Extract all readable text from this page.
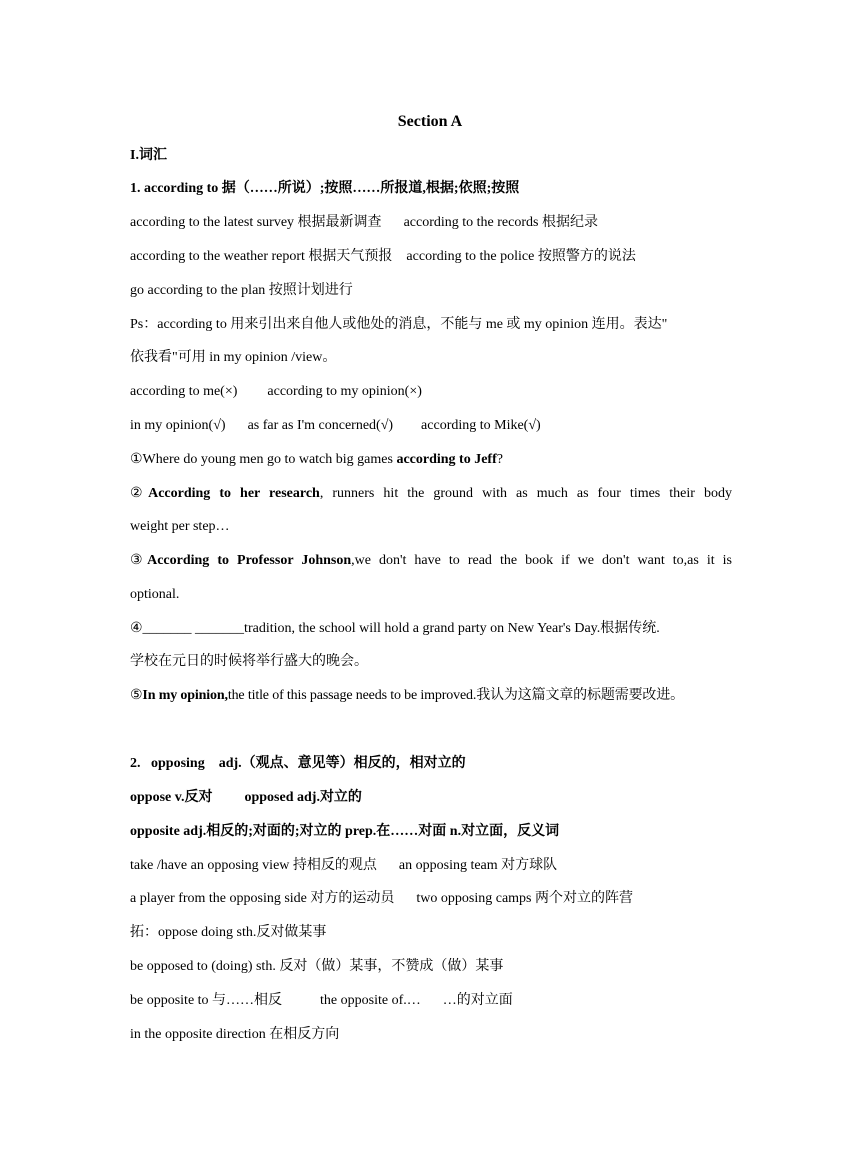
Section A
I.词汇
1. according to 据（……所说）;按照……所报道,根据;依照;按照
according to the latest survey 根据最新调查 according to the records 根据纪录
according to the weather report 根据天气预报 according to the police 按照警方的说法
go according to the plan 按照计划进行
Ps：according to 用来引出来自他人或他处的消息，不能与 me 或 my opinion 连用。表达"
依我看"可用 in my opinion /view。
according to me(×) according to my opinion(×)
in my opinion(√) as far as I'm concerned(√) according to Mike(√)
①Where do young men go to watch big games according to Jeff?
②According to her research, runners hit the ground with as much as four times their body
weight per step…
③According to Professor Johnson,we don't have to read the book if we don't want to,as it is
optional.
④_______ _______tradition, the school will hold a grand party on New Year's Day.根据传统.
学校在元日的时候将举行盛大的晚会。
⑤In my opinion,the title of this passage needs to be improved.我认为这篇文章的标题需要改进。
2.   opposing    adj.（观点、意见等）相反的，相对立的
oppose v.反对 opposed adj.对立的
opposite adj.相反的;对面的;对立的 prep.在……对面 n.对立面，反义词
take /have an opposing view 持相反的观点 an opposing team 对方球队
a player from the opposing side 对方的运动员 two opposing camps 两个对立的阵营
拓：oppose doing sth.反对做某事
be opposed to (doing) sth. 反对（做）某事，不赞成（做）某事
be opposite to 与……相反	the opposite of.… …的对立面
in the opposite direction 在相反方向
